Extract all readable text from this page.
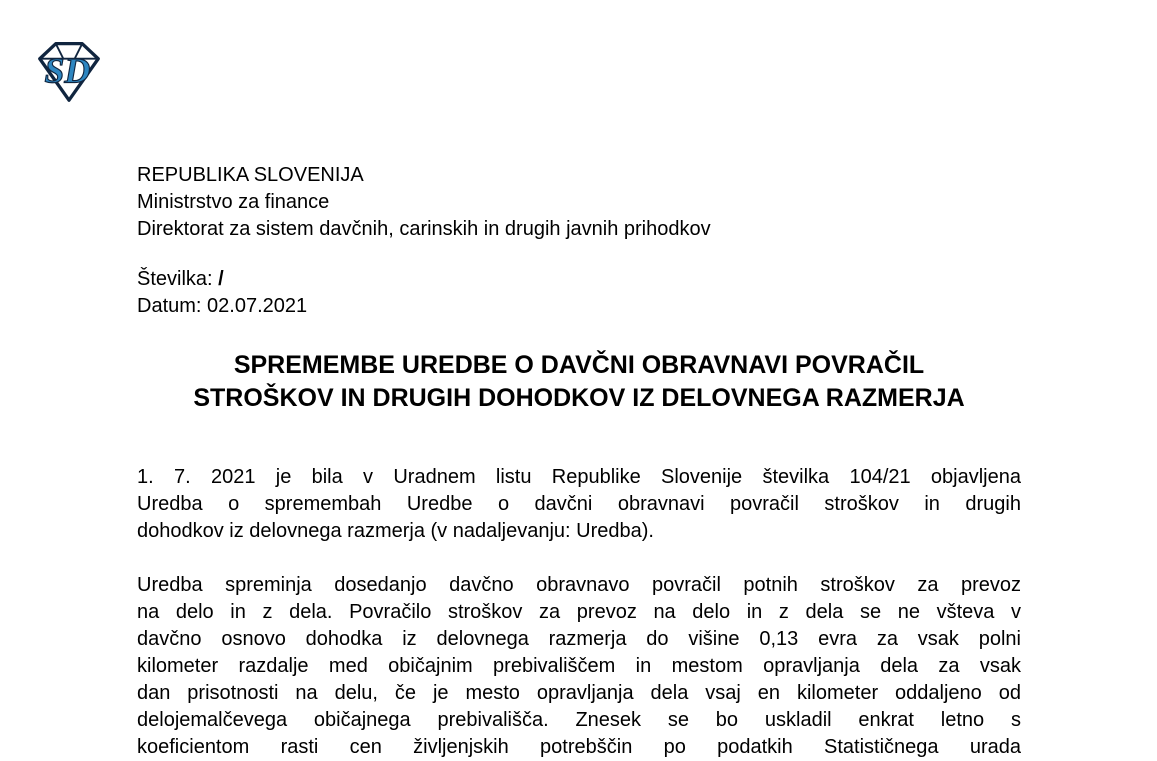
SD
REPUBLIKA SLOVENIJA
Ministrstvo za finance
Direktorat za sistem davčnih, carinskih in drugih javnih prihodkov
Številka: /
Datum: 02.07.2021
SPREMEMBE UREDBE O DAVČNI OBRAVNAVI POVRAČIL
STROŠKOV IN DRUGIH DOHODKOV IZ DELOVNEGA RAZMERJA
1. 7. 2021 je bila v Uradnem listu Republike Slovenije številka 104/21 objavljena
Uredba o spremembah Uredbe o davčni obravnavi povračil stroškov in drugih
dohodkov iz delovnega razmerja (v nadaljevanju: Uredba).
Uredba spreminja dosedanjo davčno obravnavo povračil potnih stroškov za prevoz
na delo in z dela. Povračilo stroškov za prevoz na delo in z dela se ne všteva v
davčno osnovo dohodka iz delovnega razmerja do višine 0,13 evra za vsak polni
kilometer razdalje med običajnim prebivališčem in mestom opravljanja dela za vsak
dan prisotnosti na delu, če je mesto opravljanja dela vsaj en kilometer oddaljeno od
delojemalčevega običajnega prebivališča. Znesek se bo uskladil enkrat letno s
koeficientom rasti cen življenjskih potrebščin po podatkih Statističnega urada
